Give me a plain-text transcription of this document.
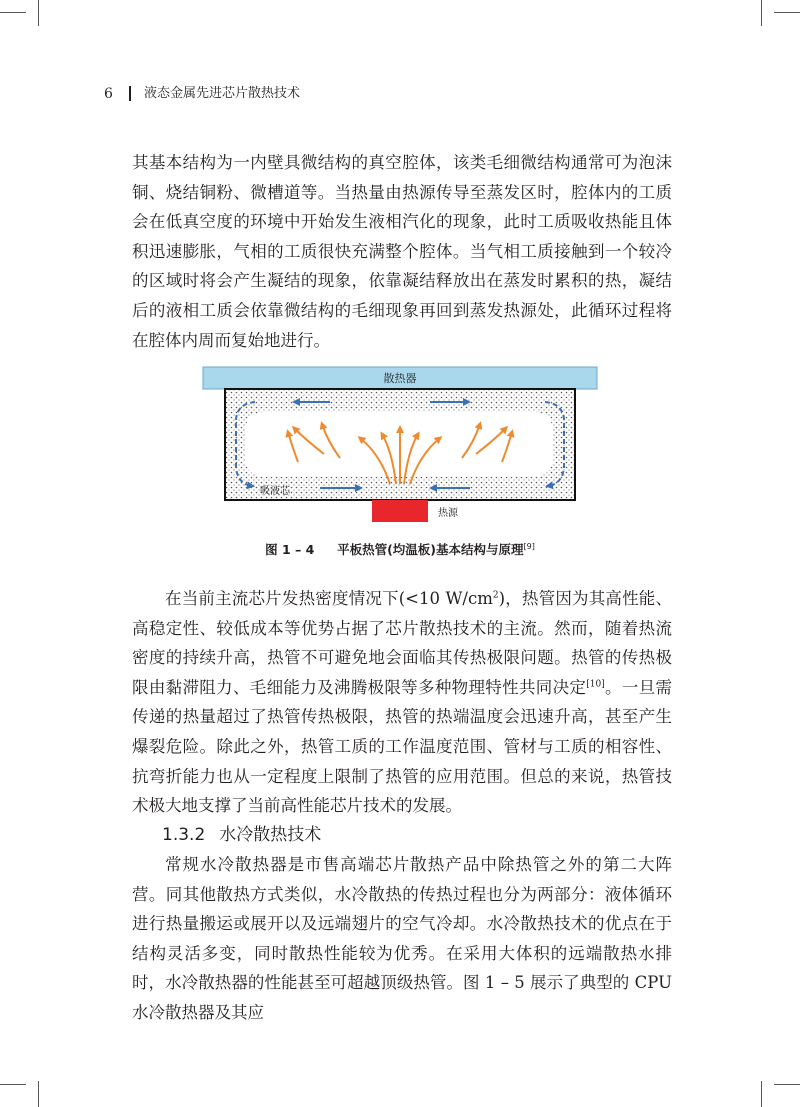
6 液态金属先进芯片散热技术

其基本结构为一内壁具微结构的真空腔体，该类毛细微结构通常可为泡沫铜、烧结铜粉、微槽道等。当热量由热源传导至蒸发区时，腔体内的工质会在低真空度的环境中开始发生液相汽化的现象，此时工质吸收热能且体积迅速膨胀，气相的工质很快充满整个腔体。当气相工质接触到一个较冷的区域时将会产生凝结的现象，依靠凝结释放出在蒸发时累积的热，凝结后的液相工质会依靠微结构的毛细现象再回到蒸发热源处，此循环过程将在腔体内周而复始地进行。

散热器
吸液芯
热源
图 1 – 4 平板热管(均温板)基本结构与原理[9]

在当前主流芯片发热密度情况下(<10 W/cm$^2$)，热管因为其高性能、高稳定性、较低成本等优势占据了芯片散热技术的主流。然而，随着热流密度的持续升高，热管不可避免地会面临其传热极限问题。热管的传热极限由黏滞阻力、毛细能力及沸腾极限等多种物理特性共同决定[10]。一旦需传递的热量超过了热管传热极限，热管的热端温度会迅速升高，甚至产生爆裂危险。除此之外，热管工质的工作温度范围、管材与工质的相容性、抗弯折能力也从一定程度上限制了热管的应用范围。但总的来说，热管技术极大地支撑了当前高性能芯片技术的发展。

1.3.2 水冷散热技术

常规水冷散热器是市售高端芯片散热产品中除热管之外的第二大阵营。同其他散热方式类似，水冷散热的传热过程也分为两部分：液体循环进行热量搬运或展开以及远端翅片的空气冷却。水冷散热技术的优点在于结构灵活多变，同时散热性能较为优秀。在采用大体积的远端散热水排时，水冷散热器的性能甚至可超越顶级热管。图 1 – 5 展示了典型的 CPU 水冷散热器及其应
